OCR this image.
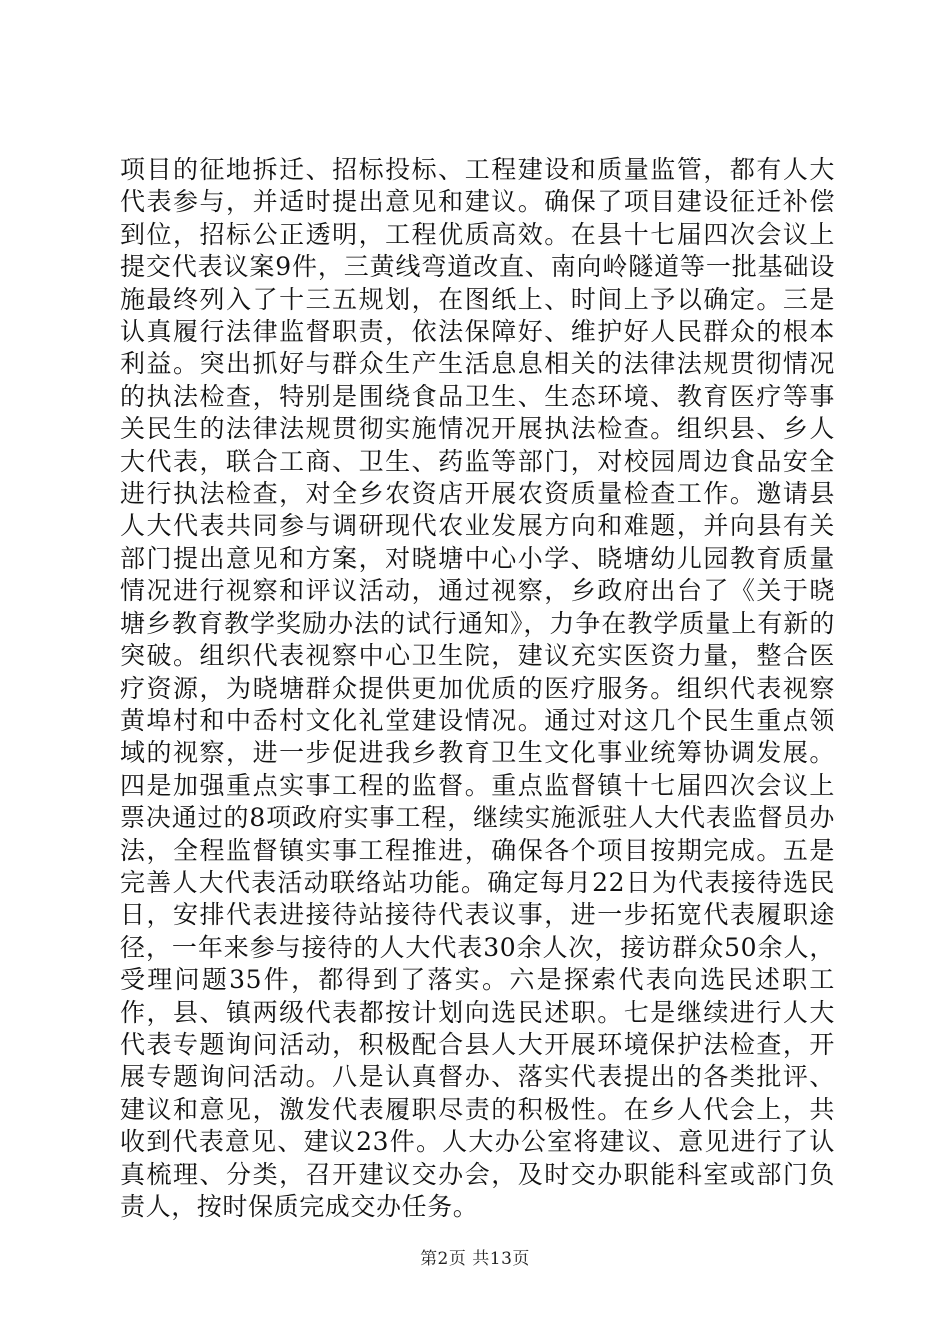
项目的征地拆迁、招标投标、工程建设和质量监管，都有人大代表参与，并适时提出意见和建议。确保了项目建设征迁补偿到位，招标公正透明，工程优质高效。在县十七届四次会议上提交代表议案9件，三黄线弯道改直、南向岭隧道等一批基础设施最终列入了十三五规划，在图纸上、时间上予以确定。三是认真履行法律监督职责，依法保障好、维护好人民群众的根本利益。突出抓好与群众生产生活息息相关的法律法规贯彻情况的执法检查，特别是围绕食品卫生、生态环境、教育医疗等事关民生的法律法规贯彻实施情况开展执法检查。组织县、乡人大代表，联合工商、卫生、药监等部门，对校园周边食品安全进行执法检查，对全乡农资店开展农资质量检查工作。邀请县人大代表共同参与调研现代农业发展方向和难题，并向县有关部门提出意见和方案，对晓塘中心小学、晓塘幼儿园教育质量情况进行视察和评议活动，通过视察，乡政府出台了《关于晓塘乡教育教学奖励办法的试行通知》，力争在教学质量上有新的突破。组织代表视察中心卫生院，建议充实医资力量，整合医疗资源，为晓塘群众提供更加优质的医疗服务。组织代表视察黄埠村和中岙村文化礼堂建设情况。通过对这几个民生重点领域的视察，进一步促进我乡教育卫生文化事业统筹协调发展。四是加强重点实事工程的监督。重点监督镇十七届四次会议上票决通过的8项政府实事工程，继续实施派驻人大代表监督员办法，全程监督镇实事工程推进，确保各个项目按期完成。五是完善人大代表活动联络站功能。确定每月22日为代表接待选民日，安排代表进接待站接待代表议事，进一步拓宽代表履职途径，一年来参与接待的人大代表30余人次，接访群众50余人，受理问题35件，都得到了落实。六是探索代表向选民述职工作，县、镇两级代表都按计划向选民述职。七是继续进行人大代表专题询问活动，积极配合县人大开展环境保护法检查，开展专题询问活动。八是认真督办、落实代表提出的各类批评、建议和意见，激发代表履职尽责的积极性。在乡人代会上，共收到代表意见、建议23件。人大办公室将建议、意见进行了认真梳理、分类，召开建议交办会，及时交办职能科室或部门负责人，按时保质完成交办任务。

第2页 共13页
